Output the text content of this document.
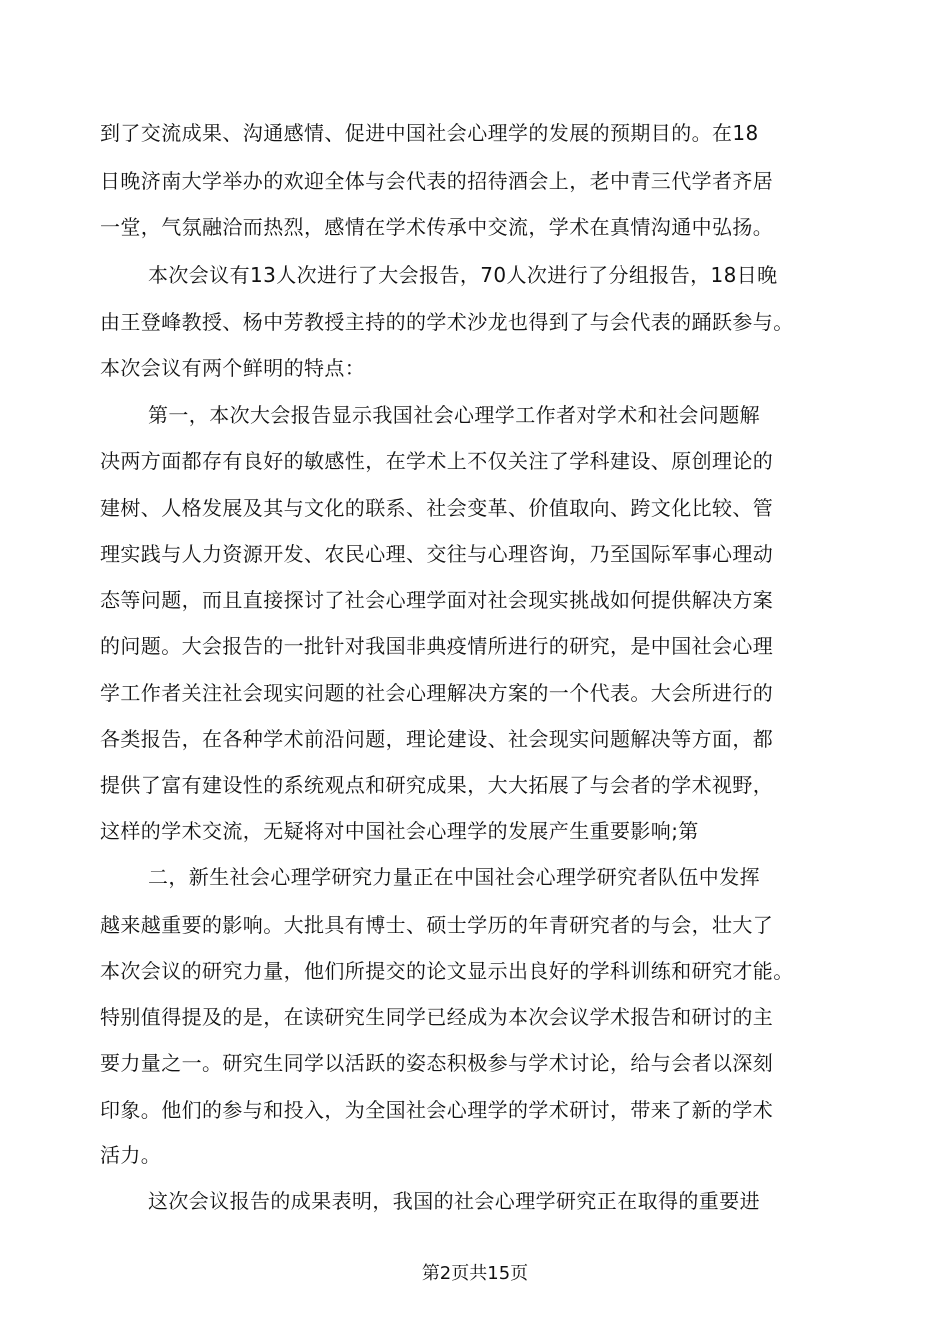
到了交流成果、沟通感情、促进中国社会心理学的发展的预期目的。在18
日晚济南大学举办的欢迎全体与会代表的招待酒会上，老中青三代学者齐居
一堂，气氛融洽而热烈，感情在学术传承中交流，学术在真情沟通中弘扬。
本次会议有13人次进行了大会报告，70人次进行了分组报告，18日晚
由王登峰教授、杨中芳教授主持的的学术沙龙也得到了与会代表的踊跃参与。
本次会议有两个鲜明的特点：
第一，本次大会报告显示我国社会心理学工作者对学术和社会问题解
决两方面都存有良好的敏感性，在学术上不仅关注了学科建设、原创理论的
建树、人格发展及其与文化的联系、社会变革、价值取向、跨文化比较、管
理实践与人力资源开发、农民心理、交往与心理咨询，乃至国际军事心理动
态等问题，而且直接探讨了社会心理学面对社会现实挑战如何提供解决方案
的问题。大会报告的一批针对我国非典疫情所进行的研究，是中国社会心理
学工作者关注社会现实问题的社会心理解决方案的一个代表。大会所进行的
各类报告，在各种学术前沿问题，理论建设、社会现实问题解决等方面，都
提供了富有建设性的系统观点和研究成果，大大拓展了与会者的学术视野，
这样的学术交流，无疑将对中国社会心理学的发展产生重要影响;第
二，新生社会心理学研究力量正在中国社会心理学研究者队伍中发挥
越来越重要的影响。大批具有博士、硕士学历的年青研究者的与会，壮大了
本次会议的研究力量，他们所提交的论文显示出良好的学科训练和研究才能。
特别值得提及的是，在读研究生同学已经成为本次会议学术报告和研讨的主
要力量之一。研究生同学以活跃的姿态积极参与学术讨论，给与会者以深刻
印象。他们的参与和投入，为全国社会心理学的学术研讨，带来了新的学术
活力。
这次会议报告的成果表明，我国的社会心理学研究正在取得的重要进
第2页共15页
